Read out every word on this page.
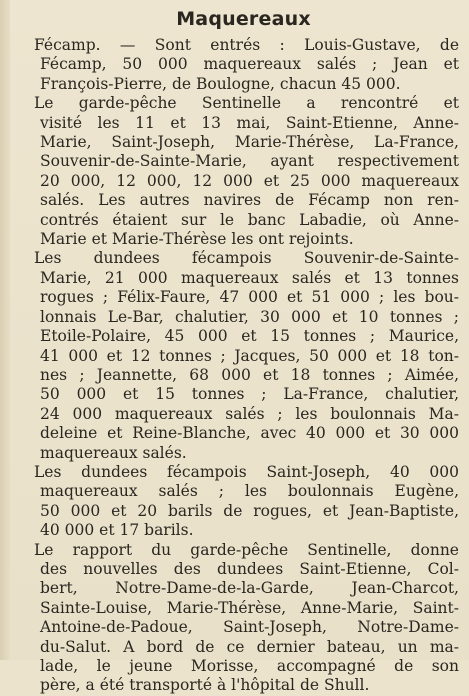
Maquereaux
Fécamp. — Sont entrés : Louis-Gustave, de
Fécamp, 50 000 maquereaux salés ; Jean et
François-Pierre, de Boulogne, chacun 45 000.
Le garde-pêche Sentinelle a rencontré et
visité les 11 et 13 mai, Saint-Etienne, Anne-
Marie, Saint-Joseph, Marie-Thérèse, La-France,
Souvenir-de-Sainte-Marie, ayant respectivement
20 000, 12 000, 12 000 et 25 000 maquereaux
salés. Les autres navires de Fécamp non ren-
contrés étaient sur le banc Labadie, où Anne-
Marie et Marie-Thérèse les ont rejoints.
Les dundees fécampois Souvenir-de-Sainte-
Marie, 21 000 maquereaux salés et 13 tonnes
rogues ; Félix-Faure, 47 000 et 51 000 ; les bou-
lonnais Le-Bar, chalutier, 30 000 et 10 tonnes ;
Etoile-Polaire, 45 000 et 15 tonnes ; Maurice,
41 000 et 12 tonnes ; Jacques, 50 000 et 18 ton-
nes ; Jeannette, 68 000 et 18 tonnes ; Aimée,
50 000 et 15 tonnes ; La-France, chalutier,
24 000 maquereaux salés ; les boulonnais Ma-
deleine et Reine-Blanche, avec 40 000 et 30 000
maquereaux salés.
Les dundees fécampois Saint-Joseph, 40 000
maquereaux salés ; les boulonnais Eugène,
50 000 et 20 barils de rogues, et Jean-Baptiste,
40 000 et 17 barils.
Le rapport du garde-pêche Sentinelle, donne
des nouvelles des dundees Saint-Etienne, Col-
bert, Notre-Dame-de-la-Garde, Jean-Charcot,
Sainte-Louise, Marie-Thérèse, Anne-Marie, Saint-
Antoine-de-Padoue, Saint-Joseph, Notre-Dame-
du-Salut. A bord de ce dernier bateau, un ma-
lade, le jeune Morisse, accompagné de son
père, a été transporté à l'hôpital de Shull.
